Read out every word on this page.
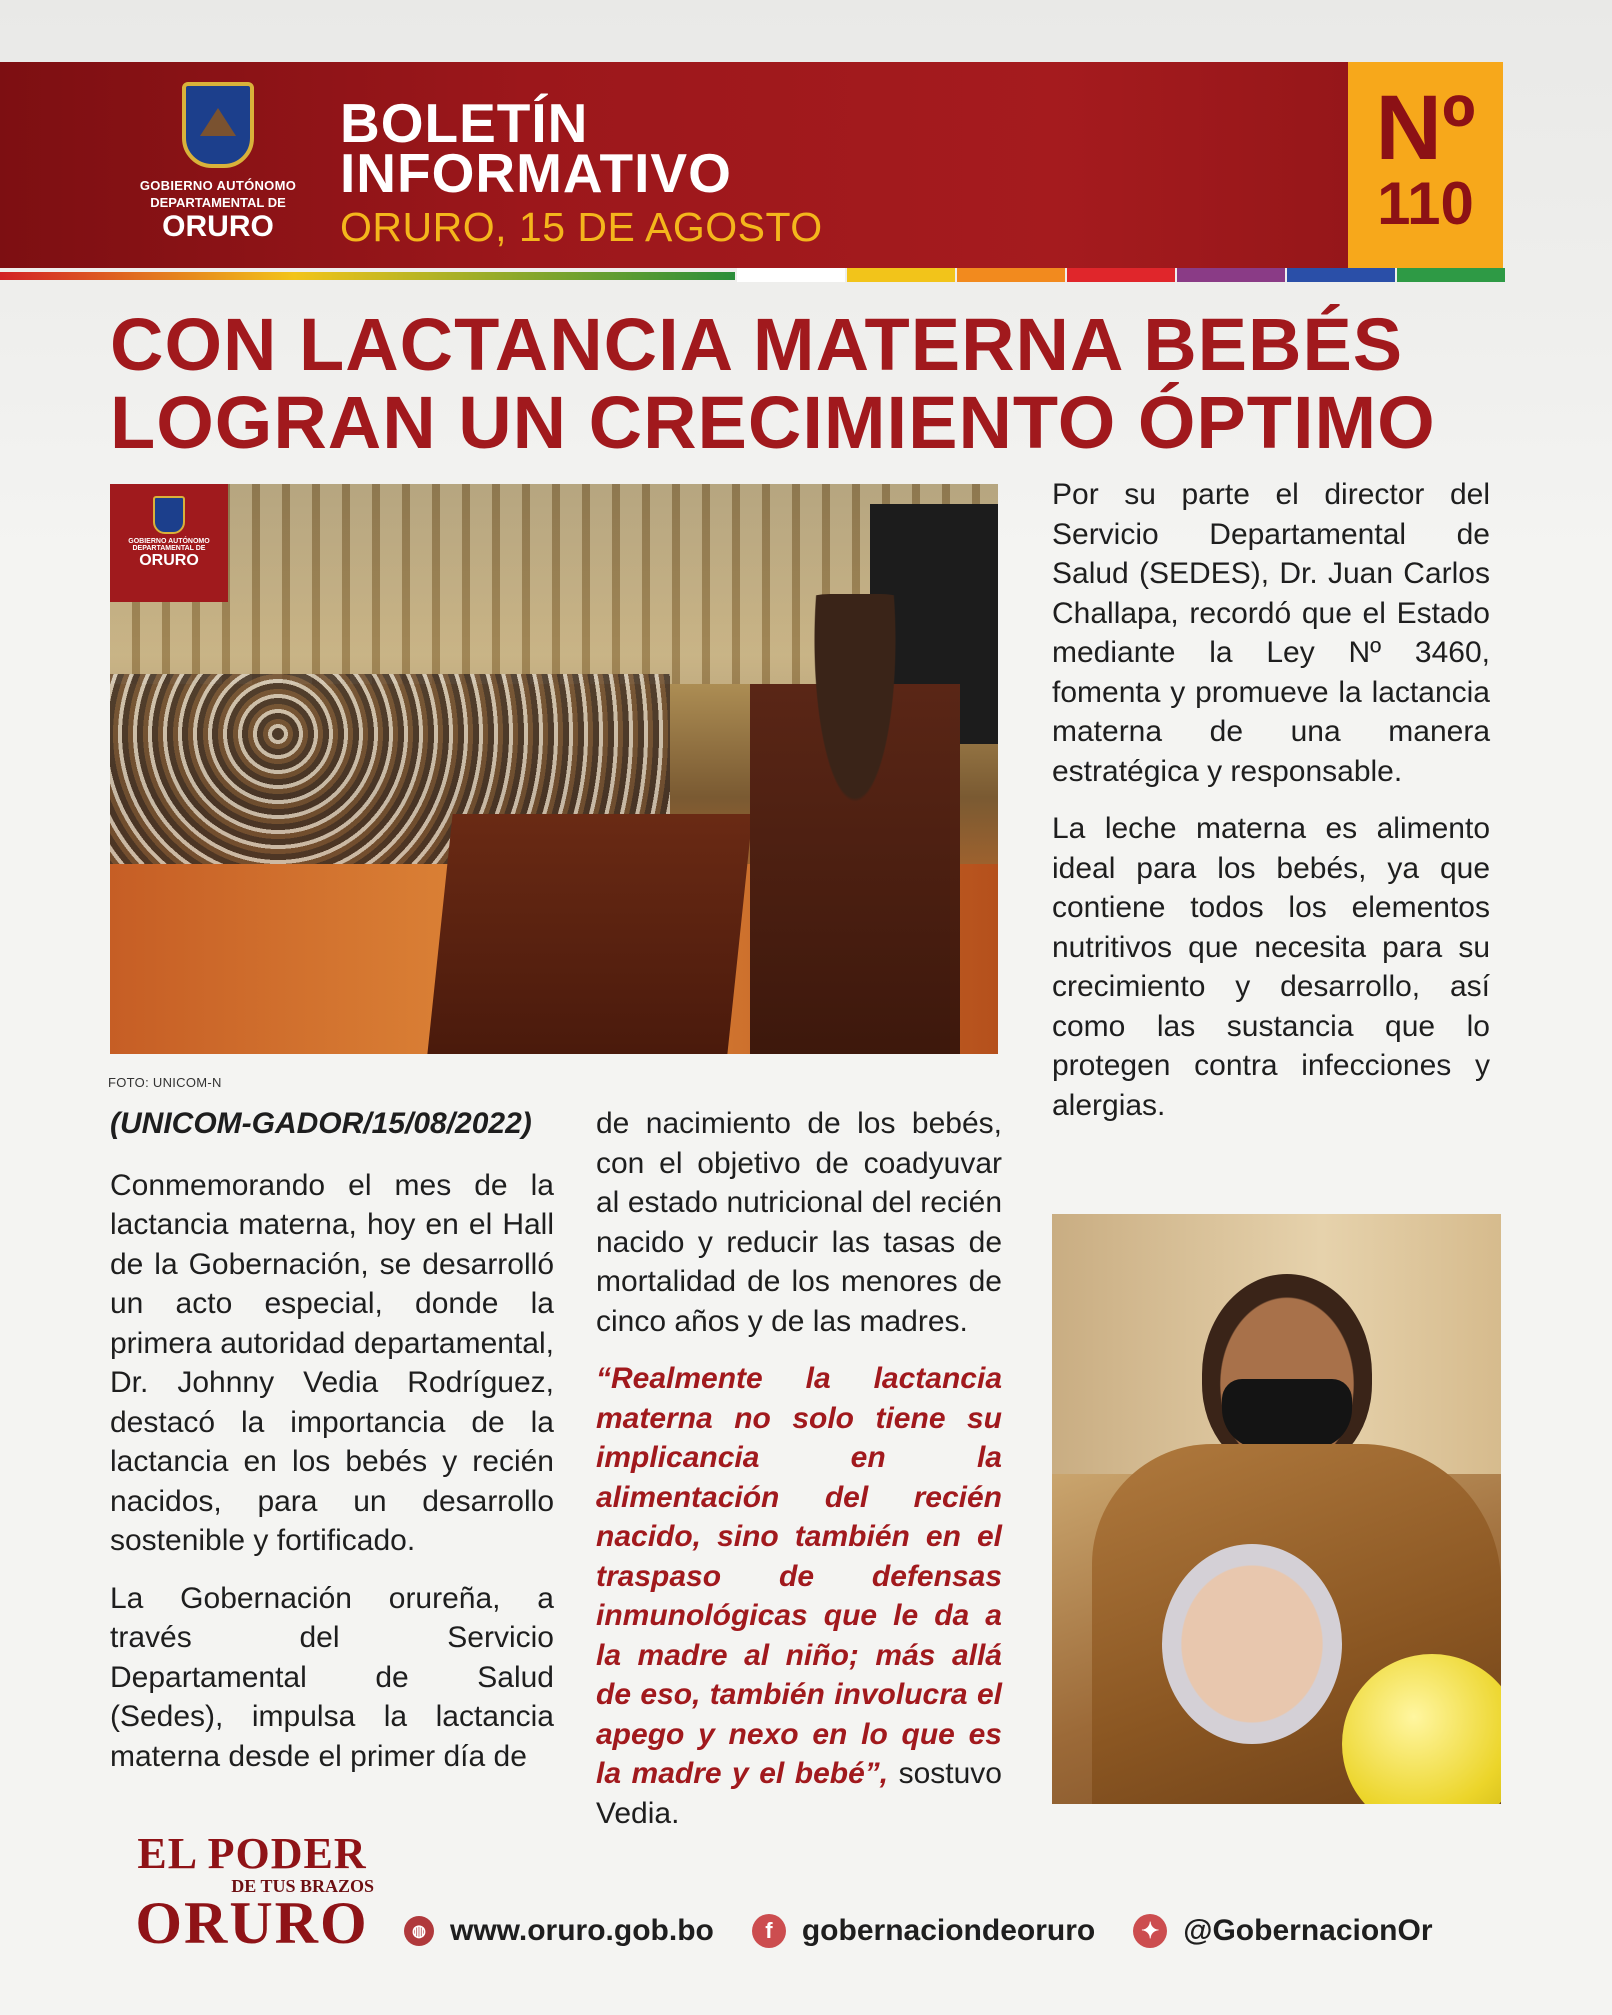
GOBIERNO AUTÓNOMO
DEPARTAMENTAL DE
ORURO
BOLETÍN
INFORMATIVO
ORURO, 15 DE AGOSTO
Nº
110
CON LACTANCIA MATERNA BEBÉS
LOGRAN UN CRECIMIENTO ÓPTIMO
GOBIERNO AUTÓNOMO
DEPARTAMENTAL DE
ORURO
FOTO: UNICOM-N

(UNICOM-GADOR/15/08/2022)

Conmemorando el mes de la lactancia materna, hoy en el Hall de la Gobernación, se desarrolló un acto especial, donde la primera autoridad departamental, Dr. Johnny Vedia Rodríguez, destacó la importancia de la lactancia en los bebés y recién nacidos, para un desarrollo sostenible y fortificado.

La Gobernación orureña, a través del Servicio Departamental de Salud (Sedes), impulsa la lactancia materna desde el primer día de

de nacimiento de los bebés, con el objetivo de coadyuvar al estado nutricional del recién nacido y reducir las tasas de mortalidad de los menores de cinco años y de las madres.

“Realmente la lactancia materna no solo tiene su implicancia en la alimentación del recién nacido, sino también en el traspaso de defensas inmunológicas que le da a la madre al niño; más allá de eso, también involucra el apego y nexo en lo que es la madre y el bebé”, sostuvo Vedia.

Por su parte el director del Servicio Departamental de Salud (SEDES), Dr. Juan Carlos Challapa, recordó que el Estado mediante la Ley Nº 3460, fomenta y promueve la lactancia materna de una manera estratégica y responsable.

La leche materna es alimento ideal para los bebés, ya que contiene todos los elementos nutritivos que necesita para su crecimiento y desarrollo, así como las sustancia que lo protegen contra infecciones y alergias.

EL PODER
DE TUS BRAZOS
ORURO	◍ www.oruro.gob.bo	f gobernaciondeoruro	✦ @GobernacionOr
